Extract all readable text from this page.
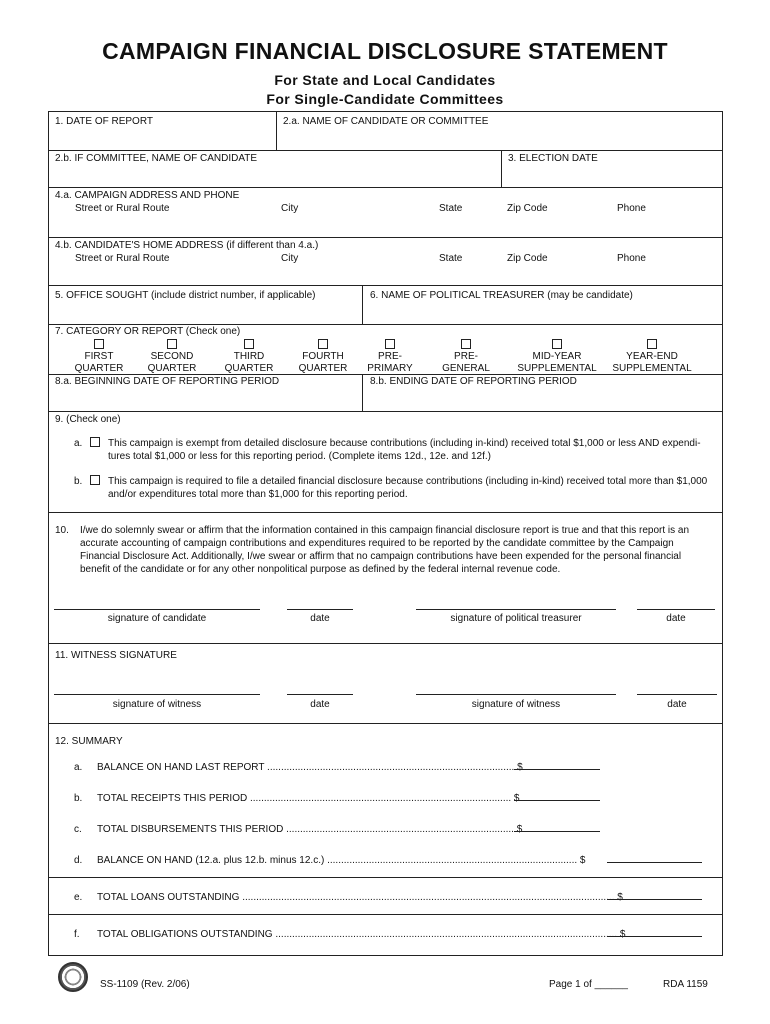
CAMPAIGN FINANCIAL DISCLOSURE STATEMENT
For State and Local Candidates
For Single-Candidate Committees
1. DATE OF REPORT	2.a. NAME OF CANDIDATE OR COMMITTEE
2.b. IF COMMITTEE, NAME OF CANDIDATE	3. ELECTION DATE
4.a. CAMPAIGN ADDRESS AND PHONE
Street or Rural Route	City	State	Zip Code	Phone
4.b. CANDIDATE'S HOME ADDRESS (if different than 4.a.)
Street or Rural Route	City	State	Zip Code	Phone
5. OFFICE SOUGHT (include district number, if applicable)	6. NAME OF POLITICAL TREASURER (may be candidate)
7. CATEGORY OR REPORT (Check one)
FIRST
QUARTER
SECOND
QUARTER
THIRD
QUARTER
FOURTH
QUARTER
PRE-
PRIMARY
PRE-
GENERAL
MID-YEAR
SUPPLEMENTAL
YEAR-END
SUPPLEMENTAL
8.a. BEGINNING DATE OF REPORTING PERIOD	8.b. ENDING DATE OF REPORTING PERIOD
9. (Check one)
a.	This campaign is exempt from detailed disclosure because contributions (including in-kind) received total $1,000 or less AND expendi-
tures total $1,000 or less for this reporting period. (Complete items 12d., 12e. and 12f.)
b.	This campaign is required to file a detailed financial disclosure because contributions (including in-kind) received total more than $1,000
and/or expenditures total more than $1,000 for this reporting period.
10. I/we do solemnly swear or affirm that the information contained in this campaign financial disclosure report is true and that this report is an
accurate accounting of campaign contributions and expenditures required to be reported by the candidate committee by the Campaign
Financial Disclosure Act. Additionally, I/we swear or affirm that no campaign contributions have been expended for the personal financial
benefit of the candidate or for any other nonpolitical purpose as defined by the federal internal revenue code.
signature of candidate	date	signature of political treasurer	date
11. WITNESS SIGNATURE
signature of witness	date	signature of witness	date
12. SUMMARY
a. BALANCE ON HAND LAST REPORT ......................................................................................... $
b. TOTAL RECEIPTS THIS PERIOD .............................................................................................. $
c. TOTAL DISBURSEMENTS THIS PERIOD .................................................................................. $
d. BALANCE ON HAND (12.a. plus 12.b. minus 12.c.) .......................................................................................... $
e. TOTAL LOANS OUTSTANDING ...................................................................................................................................... $
f. TOTAL OBLIGATIONS OUTSTANDING ........................................................................................................................... $
SS-1109 (Rev. 2/06)	Page 1 of ______	RDA 1159
